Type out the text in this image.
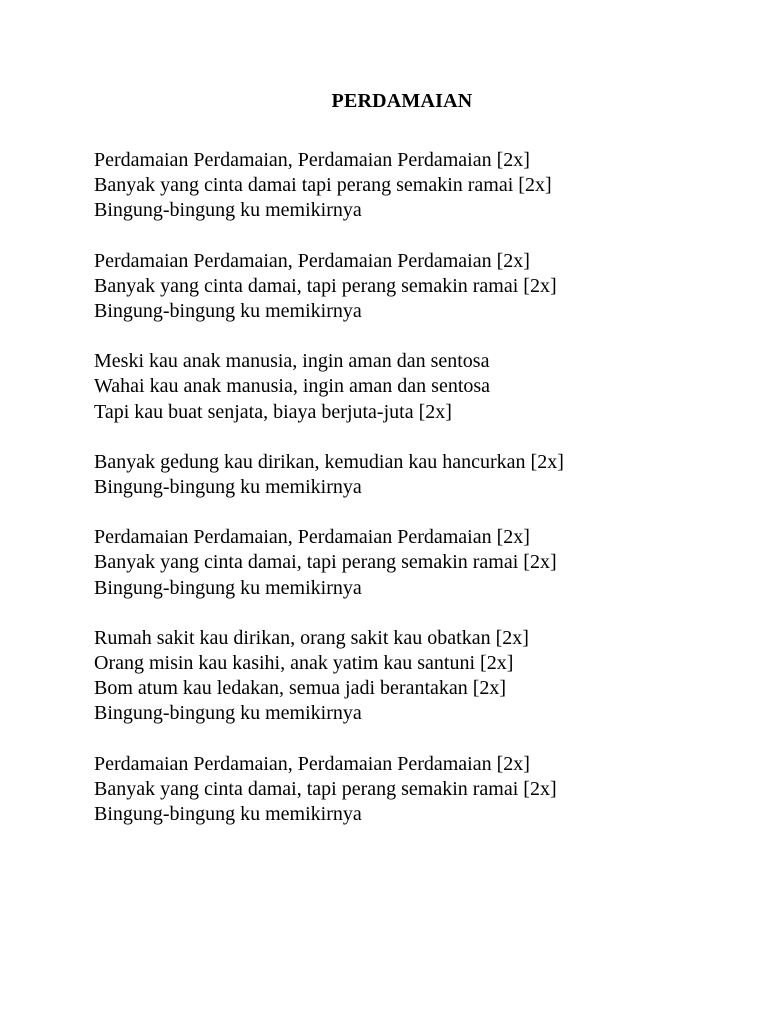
PERDAMAIAN
Perdamaian Perdamaian, Perdamaian Perdamaian [2x]
Banyak yang cinta damai tapi perang semakin ramai [2x]
Bingung-bingung ku memikirnya
Perdamaian Perdamaian, Perdamaian Perdamaian [2x]
Banyak yang cinta damai, tapi perang semakin ramai [2x]
Bingung-bingung ku memikirnya
Meski kau anak manusia, ingin aman dan sentosa
Wahai kau anak manusia, ingin aman dan sentosa
Tapi kau buat senjata, biaya berjuta-juta [2x]
Banyak gedung kau dirikan, kemudian kau hancurkan [2x]
Bingung-bingung ku memikirnya
Perdamaian Perdamaian, Perdamaian Perdamaian [2x]
Banyak yang cinta damai, tapi perang semakin ramai [2x]
Bingung-bingung ku memikirnya
Rumah sakit kau dirikan, orang sakit kau obatkan [2x]
Orang misin kau kasihi, anak yatim kau santuni [2x]
Bom atum kau ledakan, semua jadi berantakan [2x]
Bingung-bingung ku memikirnya
Perdamaian Perdamaian, Perdamaian Perdamaian [2x]
Banyak yang cinta damai, tapi perang semakin ramai [2x]
Bingung-bingung ku memikirnya
